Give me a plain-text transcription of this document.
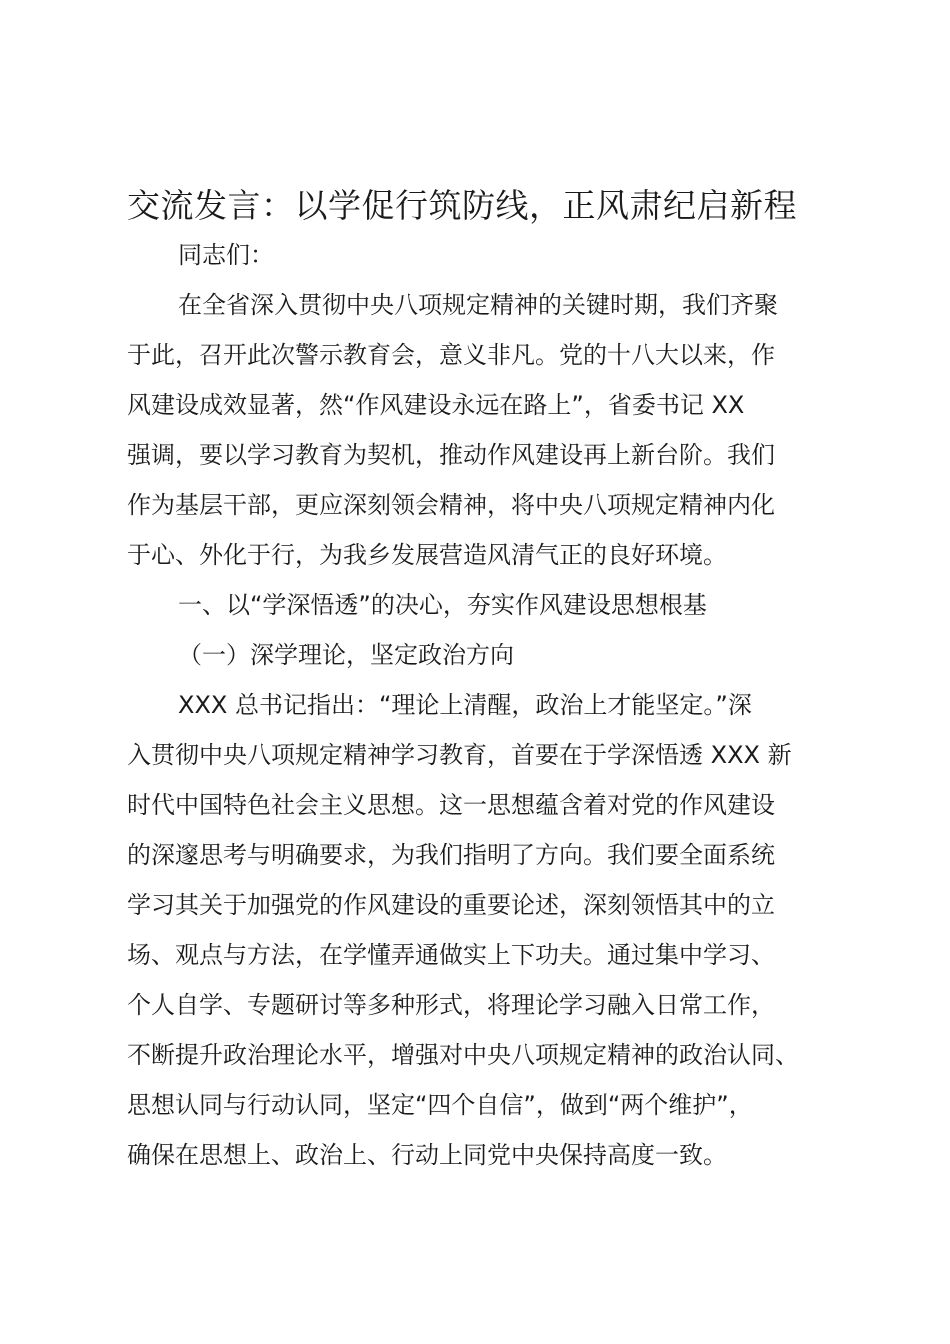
交流发言：以学促行筑防线，正风肃纪启新程
同志们：
在全省深入贯彻中央八项规定精神的关键时期，我们齐聚
于此，召开此次警示教育会，意义非凡。党的十八大以来，作
风建设成效显著，然“作风建设永远在路上”，省委书记 XX
强调，要以学习教育为契机，推动作风建设再上新台阶。我们
作为基层干部，更应深刻领会精神，将中央八项规定精神内化
于心、外化于行，为我乡发展营造风清气正的良好环境。
一、以“学深悟透”的决心，夯实作风建设思想根基
（一）深学理论，坚定政治方向
XXX 总书记指出：“理论上清醒，政治上才能坚定。”深
入贯彻中央八项规定精神学习教育，首要在于学深悟透 XXX 新
时代中国特色社会主义思想。这一思想蕴含着对党的作风建设
的深邃思考与明确要求，为我们指明了方向。我们要全面系统
学习其关于加强党的作风建设的重要论述，深刻领悟其中的立
场、观点与方法，在学懂弄通做实上下功夫。通过集中学习、
个人自学、专题研讨等多种形式，将理论学习融入日常工作，
不断提升政治理论水平，增强对中央八项规定精神的政治认同、
思想认同与行动认同，坚定“四个自信”，做到“两个维护”，
确保在思想上、政治上、行动上同党中央保持高度一致。
